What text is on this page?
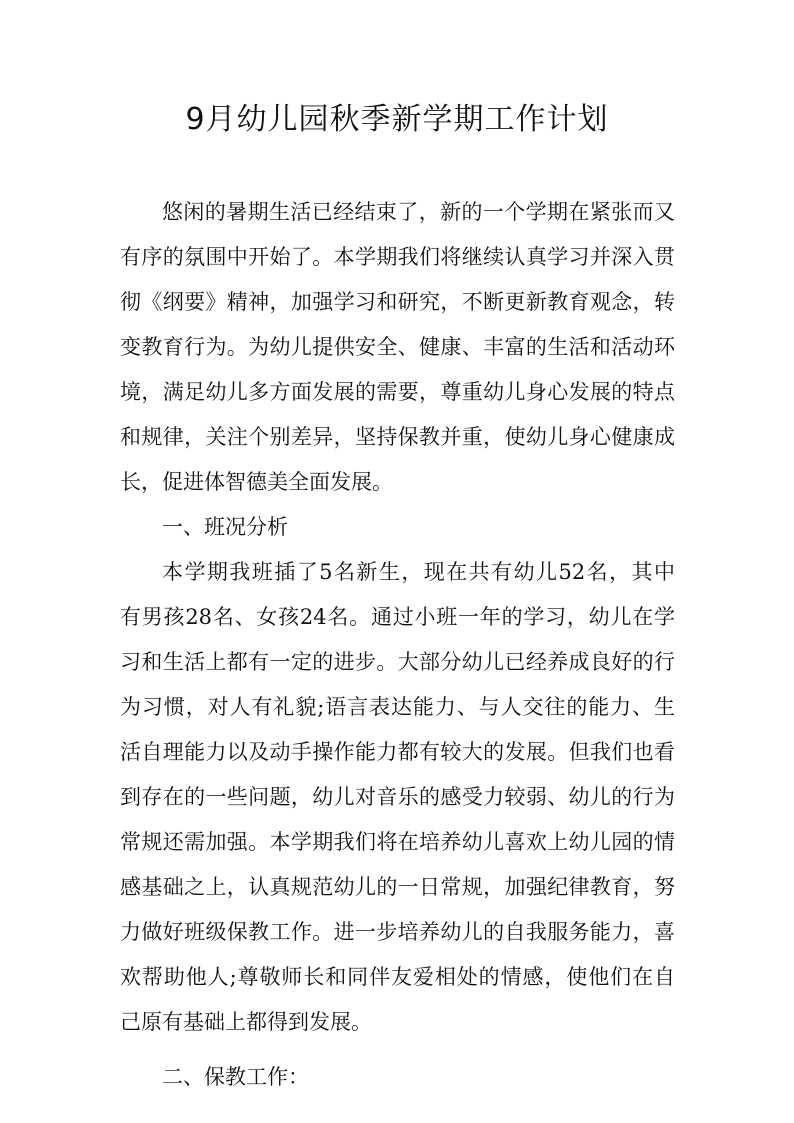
9月幼儿园秋季新学期工作计划
悠闲的暑期生活已经结束了，新的一个学期在紧张而又
有序的氛围中开始了。本学期我们将继续认真学习并深入贯
彻《纲要》精神，加强学习和研究，不断更新教育观念，转
变教育行为。为幼儿提供安全、健康、丰富的生活和活动环
境，满足幼儿多方面发展的需要，尊重幼儿身心发展的特点
和规律，关注个别差异，坚持保教并重，使幼儿身心健康成
长，促进体智德美全面发展。
一、班况分析
本学期我班插了5名新生，现在共有幼儿52名，其中
有男孩28名、女孩24名。通过小班一年的学习，幼儿在学
习和生活上都有一定的进步。大部分幼儿已经养成良好的行
为习惯，对人有礼貌;语言表达能力、与人交往的能力、生
活自理能力以及动手操作能力都有较大的发展。但我们也看
到存在的一些问题，幼儿对音乐的感受力较弱、幼儿的行为
常规还需加强。本学期我们将在培养幼儿喜欢上幼儿园的情
感基础之上，认真规范幼儿的一日常规，加强纪律教育，努
力做好班级保教工作。进一步培养幼儿的自我服务能力，喜
欢帮助他人;尊敬师长和同伴友爱相处的情感，使他们在自
己原有基础上都得到发展。
二、保教工作：
